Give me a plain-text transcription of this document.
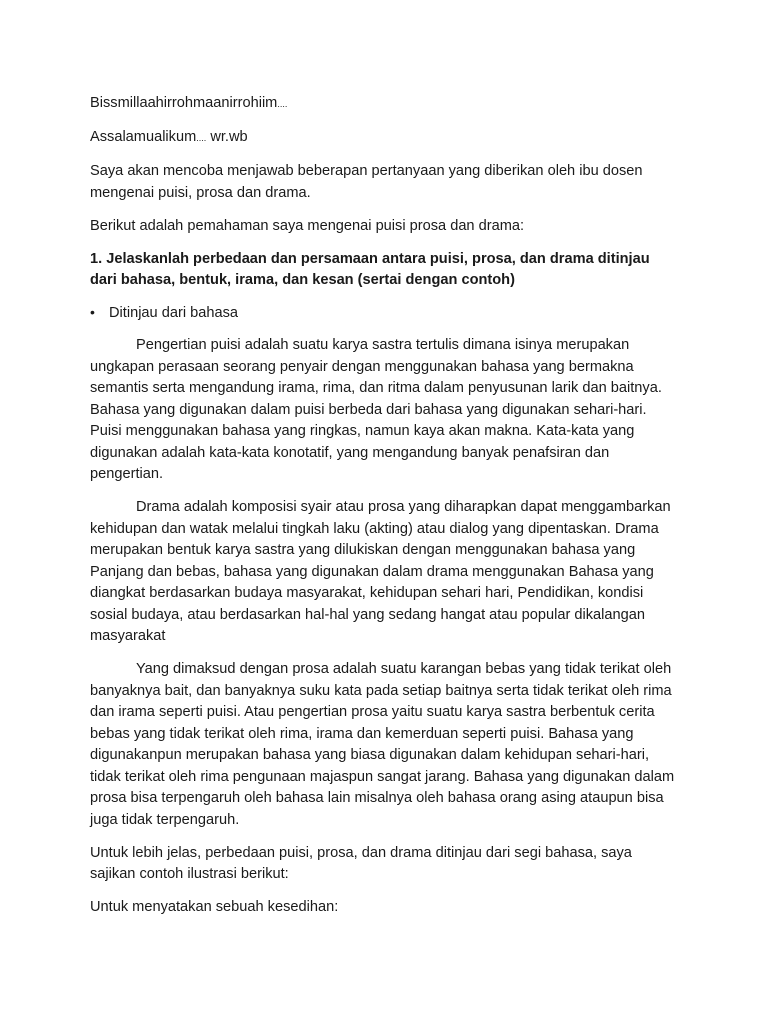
Bissmillaahirrohmaanirrohiim....

Assalamualikum.... wr.wb

Saya akan mencoba menjawab beberapan pertanyaan yang diberikan oleh ibu dosen mengenai puisi, prosa dan drama.

Berikut adalah pemahaman saya mengenai puisi prosa dan drama:

1. Jelaskanlah perbedaan dan persamaan antara puisi, prosa, dan drama ditinjau dari bahasa, bentuk, irama, dan kesan (sertai dengan contoh)

• Ditinjau dari bahasa

Pengertian puisi adalah suatu karya sastra tertulis dimana isinya merupakan ungkapan perasaan seorang penyair dengan menggunakan bahasa yang bermakna semantis serta mengandung irama, rima, dan ritma dalam penyusunan larik dan baitnya. Bahasa yang digunakan dalam puisi berbeda dari bahasa yang digunakan sehari-hari. Puisi menggunakan bahasa yang ringkas, namun kaya akan makna. Kata-kata yang digunakan adalah kata-kata konotatif, yang mengandung banyak penafsiran dan pengertian.

Drama adalah komposisi syair atau prosa yang diharapkan dapat menggambarkan kehidupan dan watak melalui tingkah laku (akting) atau dialog yang dipentaskan. Drama merupakan bentuk karya sastra yang dilukiskan dengan menggunakan bahasa yang Panjang dan bebas, bahasa yang digunakan dalam drama menggunakan Bahasa yang diangkat berdasarkan budaya masyarakat, kehidupan sehari hari, Pendidikan, kondisi sosial budaya, atau berdasarkan hal-hal yang sedang hangat atau popular dikalangan masyarakat

Yang dimaksud dengan prosa adalah suatu karangan bebas yang tidak terikat oleh banyaknya bait, dan banyaknya suku kata pada setiap baitnya serta tidak terikat oleh rima dan irama seperti puisi. Atau pengertian prosa yaitu suatu karya sastra berbentuk cerita bebas yang tidak terikat oleh rima, irama dan kemerduan seperti puisi. Bahasa yang digunakanpun merupakan bahasa yang biasa digunakan dalam kehidupan sehari-hari, tidak terikat oleh rima pengunaan majaspun sangat jarang. Bahasa yang digunakan dalam prosa bisa terpengaruh oleh bahasa lain misalnya oleh bahasa orang asing ataupun bisa juga tidak terpengaruh.

Untuk lebih jelas, perbedaan puisi, prosa, dan drama ditinjau dari segi bahasa, saya sajikan contoh ilustrasi berikut:

Untuk menyatakan sebuah kesedihan:
